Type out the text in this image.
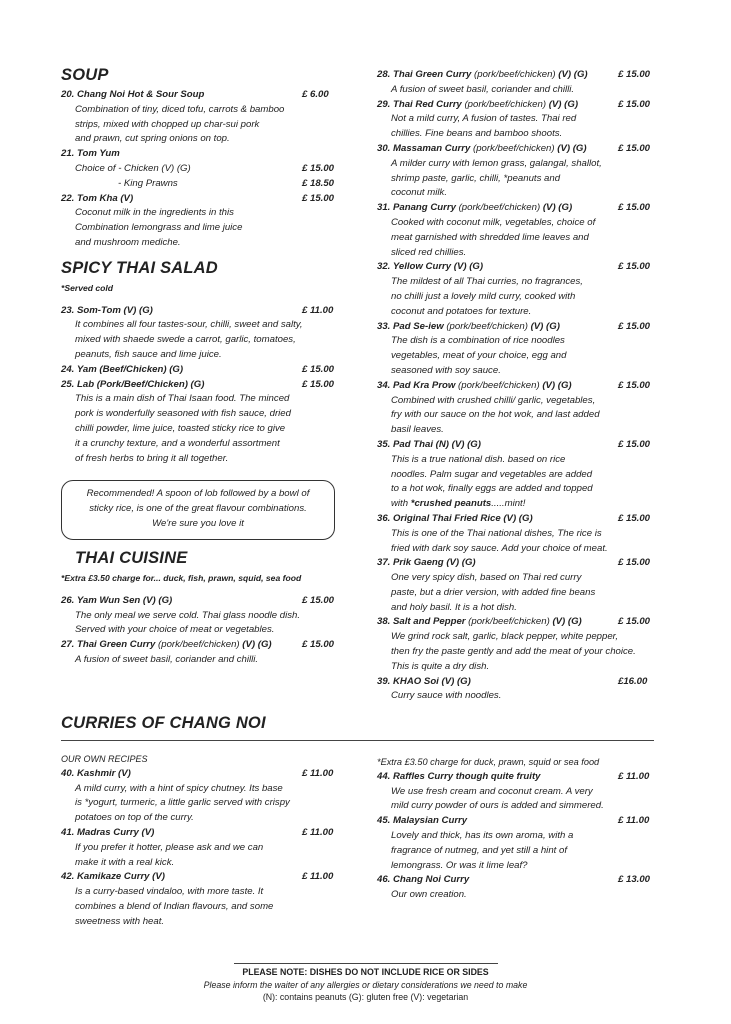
SOUP
20. Chang Noi Hot & Sour Soup	£ 6.00
Combination of tiny, diced tofu, carrots & bamboo
strips, mixed with chopped up char-sui pork
and prawn, cut spring onions on top.
21. Tom Yum
Choice of - Chicken (V) (G)	£ 15.00
- King Prawns	£ 18.50
22. Tom Kha (V)	£ 15.00
Coconut milk in the ingredients in this
Combination lemongrass and lime juice
and mushroom mediche.
SPICY THAI SALAD
*Served cold
23. Som-Tom (V) (G)	£ 11.00
It combines all four tastes-sour, chilli, sweet and salty,
mixed with shaede swede a carrot, garlic, tomatoes,
peanuts, fish sauce and lime juice.
24. Yam (Beef/Chicken) (G)	£ 15.00
25. Lab (Pork/Beef/Chicken) (G)	£ 15.00
This is a main dish of Thai Isaan food. The minced
pork is wonderfully seasoned with fish sauce, dried
chilli powder, lime juice, toasted sticky rice to give
it a crunchy texture, and a wonderful assortment
of fresh herbs to bring it all together.
Recommended! A spoon of lob followed by a bowl of
sticky rice, is one of the great flavour combinations.
We're sure you love it
THAI CUISINE
*Extra £3.50 charge for... duck, fish, prawn, squid, sea food
26. Yam Wun Sen (V) (G)	£ 15.00
The only meal we serve cold. Thai glass noodle dish.
Served with your choice of meat or vegetables.
27. Thai Green Curry (pork/beef/chicken) (V) (G)	£ 15.00
A fusion of sweet basil, coriander and chilli.
28. Thai Green Curry (pork/beef/chicken) (V) (G)	£ 15.00
A fusion of sweet basil, coriander and chilli.
29. Thai Red Curry (pork/beef/chicken) (V) (G)	£ 15.00
Not a mild curry, A fusion of tastes. Thai red
chillies. Fine beans and bamboo shoots.
30. Massaman Curry (pork/beef/chicken) (V) (G)	£ 15.00
A milder curry with lemon grass, galangal, shallot,
shrimp paste, garlic, chilli, *peanuts and
coconut milk.
31. Panang Curry (pork/beef/chicken) (V) (G)	£ 15.00
Cooked with coconut milk, vegetables, choice of
meat garnished with shredded lime leaves and
sliced red chillies.
32. Yellow Curry (V) (G)	£ 15.00
The mildest of all Thai curries, no fragrances,
no chilli just a lovely mild curry, cooked with
coconut and potatoes for texture.
33. Pad Se-iew (pork/beef/chicken) (V) (G)	£ 15.00
The dish is a combination of rice noodles
vegetables, meat of your choice, egg and
seasoned with soy sauce.
34. Pad Kra Prow (pork/beef/chicken) (V) (G)	£ 15.00
Combined with crushed chilli/ garlic, vegetables,
fry with our sauce on the hot wok, and last added
basil leaves.
35. Pad Thai (N) (V) (G)	£ 15.00
This is a true national dish. based on rice
noodles. Palm sugar and vegetables are added
to a hot wok, finally eggs are added and topped
with *crushed peanuts.....mint!
36. Original Thai Fried Rice (V) (G)	£ 15.00
This is one of the Thai national dishes, The rice is
fried with dark soy sauce. Add your choice of meat.
37. Prik Gaeng (V) (G)	£ 15.00
One very spicy dish, based on Thai red curry
paste, but a drier version, with added fine beans
and holy basil. It is a hot dish.
38. Salt and Pepper (pork/beef/chicken) (V) (G)	£ 15.00
We grind rock salt, garlic, black pepper, white pepper,
then fry the paste gently and add the meat of your choice.
This is quite a dry dish.
39. KHAO Soi (V) (G)	£16.00
Curry sauce with noodles.
CURRIES OF CHANG NOI
OUR OWN RECIPES
40. Kashmir (V)	£ 11.00
A mild curry, with a hint of spicy chutney. Its base
is *yogurt, turmeric, a little garlic served with crispy
potatoes on top of the curry.
41. Madras Curry (V)	£ 11.00
If you prefer it hotter, please ask and we can
make it with a real kick.
42. Kamikaze Curry (V)	£ 11.00
Is a curry-based vindaloo, with more taste. It
combines a blend of Indian flavours, and some
sweetness with heat.
*Extra £3.50 charge for duck, prawn, squid or sea food
44. Raffles Curry though quite fruity	£ 11.00
We use fresh cream and coconut cream. A very
mild curry powder of ours is added and simmered.
45. Malaysian Curry	£ 11.00
Lovely and thick, has its own aroma, with a
fragrance of nutmeg, and yet still a hint of
lemongrass. Or was it lime leaf?
46. Chang Noi Curry	£ 13.00
Our own creation.
PLEASE NOTE: DISHES DO NOT INCLUDE RICE OR SIDES
Please inform the waiter of any allergies or dietary considerations we need to make
(N): contains peanuts (G): gluten free (V): vegetarian
